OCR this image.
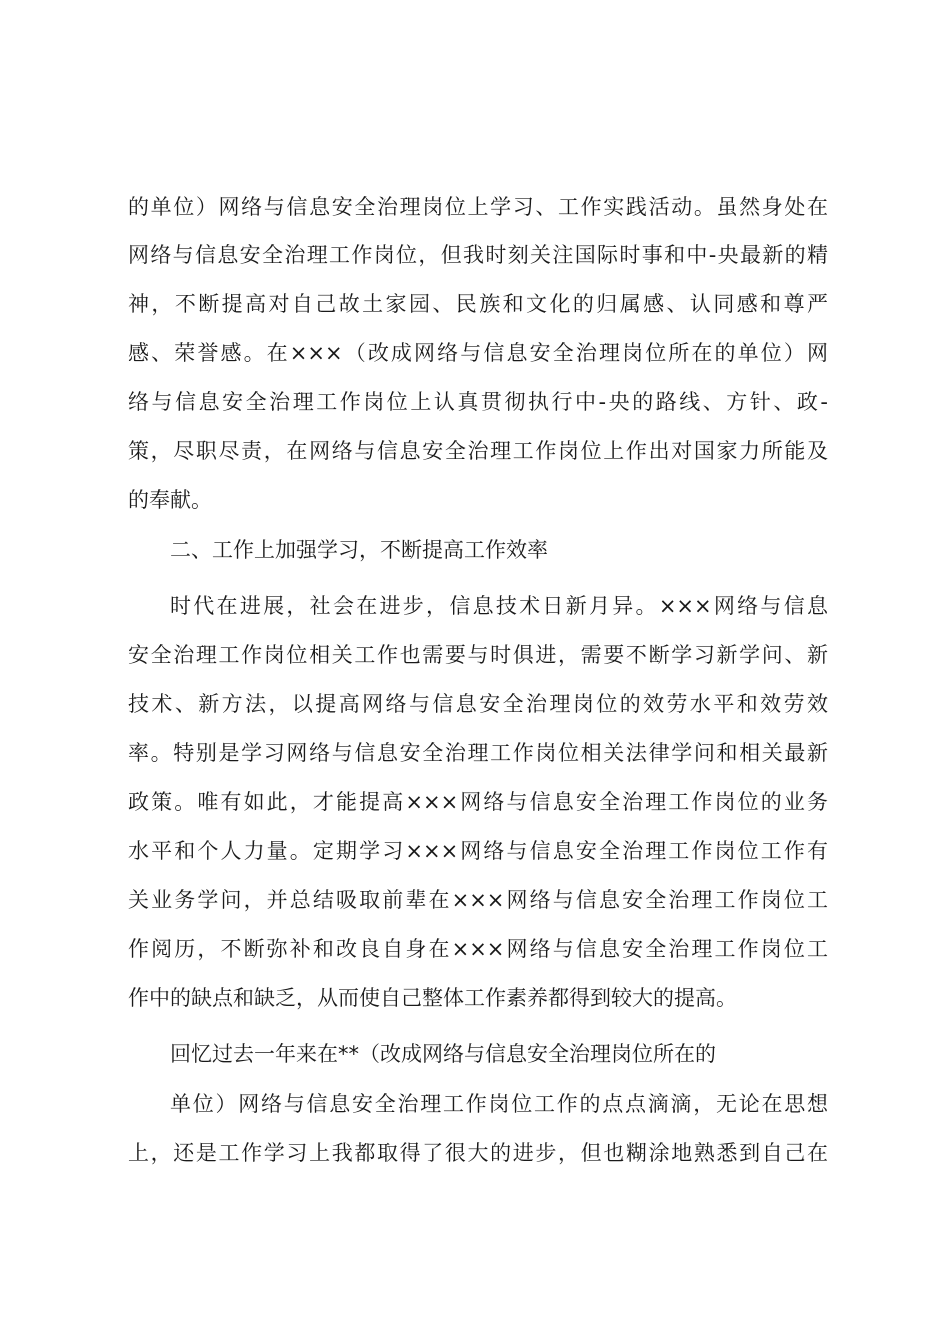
的单位）网络与信息安全治理岗位上学习、工作实践活动。虽然身处在
网络与信息安全治理工作岗位，但我时刻关注国际时事和中-央最新的精
神，不断提高对自己故土家园、民族和文化的归属感、认同感和尊严
感、荣誉感。在×××（改成网络与信息安全治理岗位所在的单位）网
络与信息安全治理工作岗位上认真贯彻执行中-央的路线、方针、政-
策，尽职尽责，在网络与信息安全治理工作岗位上作出对国家力所能及
的奉献。
二、工作上加强学习，不断提高工作效率
时代在进展，社会在进步，信息技术日新月异。×××网络与信息
安全治理工作岗位相关工作也需要与时俱进，需要不断学习新学问、新
技术、新方法，以提高网络与信息安全治理岗位的效劳水平和效劳效
率。特别是学习网络与信息安全治理工作岗位相关法律学问和相关最新
政策。唯有如此，才能提高×××网络与信息安全治理工作岗位的业务
水平和个人力量。定期学习×××网络与信息安全治理工作岗位工作有
关业务学问，并总结吸取前辈在×××网络与信息安全治理工作岗位工
作阅历，不断弥补和改良自身在×××网络与信息安全治理工作岗位工
作中的缺点和缺乏，从而使自己整体工作素养都得到较大的提高。
回忆过去一年来在**（改成网络与信息安全治理岗位所在的
单位）网络与信息安全治理工作岗位工作的点点滴滴，无论在思想
上，还是工作学习上我都取得了很大的进步，但也糊涂地熟悉到自己在
